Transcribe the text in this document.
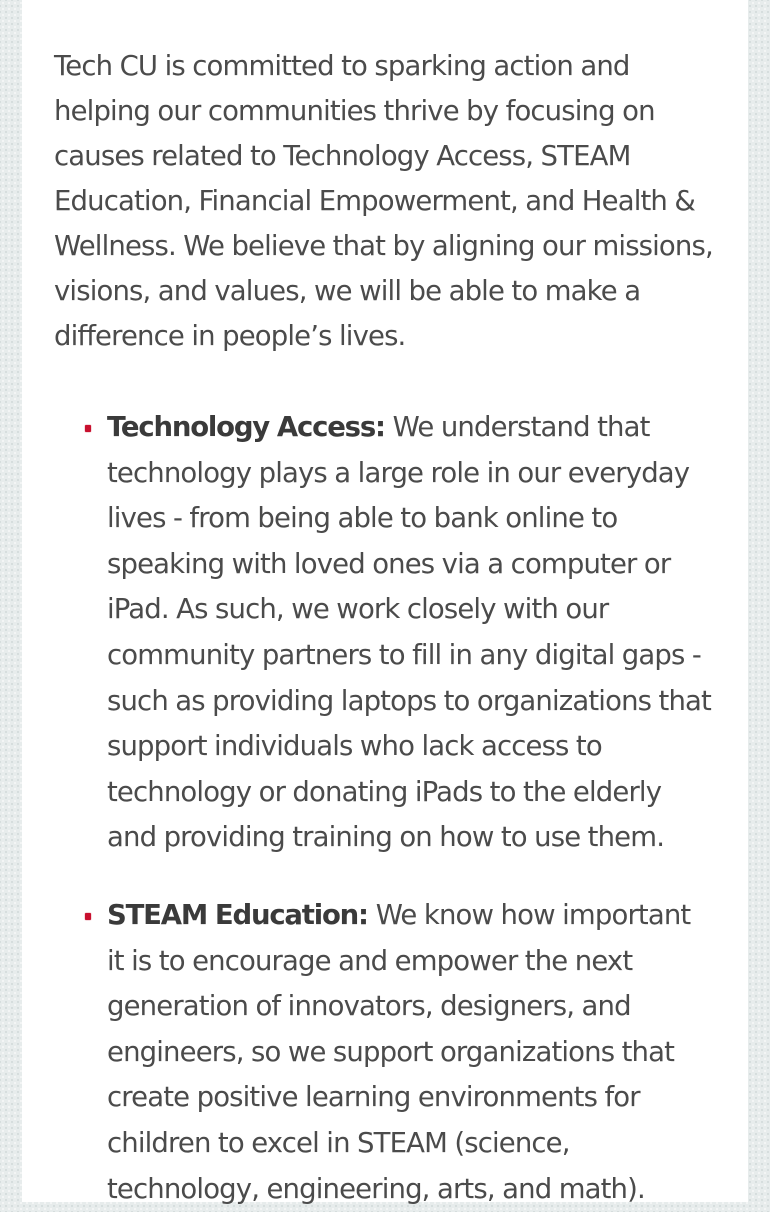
Tech CU is committed to sparking action and helping our communities thrive by focusing on causes related to Technology Access, STEAM Education, Financial Empowerment, and Health & Wellness. We believe that by aligning our missions, visions, and values, we will be able to make a difference in people’s lives.

Technology Access: We understand that technology plays a large role in our everyday lives - from being able to bank online to speaking with loved ones via a computer or iPad. As such, we work closely with our community partners to fill in any digital gaps - such as providing laptops to organizations that support individuals who lack access to technology or donating iPads to the elderly and providing training on how to use them.
STEAM Education: We know how important it is to encourage and empower the next generation of innovators, designers, and engineers, so we support organizations that create positive learning environments for children to excel in STEAM (science, technology, engineering, arts, and math).
